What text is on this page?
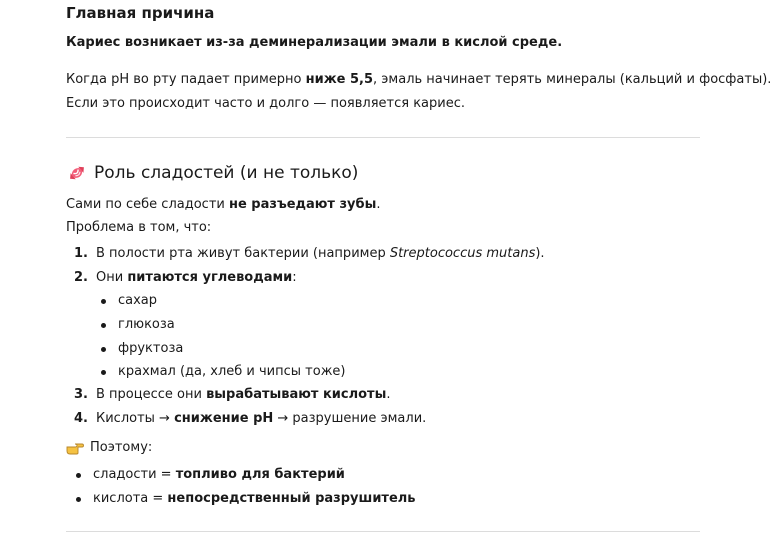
Главная причина
Кариес возникает из-за деминерализации эмали в кислой среде.
Когда pH во рту падает примерно ниже 5,5, эмаль начинает терять минералы (кальций и фосфаты).
Если это происходит часто и долго — появляется кариес.
Роль сладостей (и не только)
Сами по себе сладости не разъедают зубы.
Проблема в том, что:
1. В полости рта живут бактерии (например Streptococcus mutans).
2. Они питаются углеводами:
сахар
глюкоза
фруктоза
крахмал (да, хлеб и чипсы тоже)
3. В процессе они вырабатывают кислоты.
4. Кислоты → снижение pH → разрушение эмали.
Поэтому:
сладости = топливо для бактерий
кислота = непосредственный разрушитель
